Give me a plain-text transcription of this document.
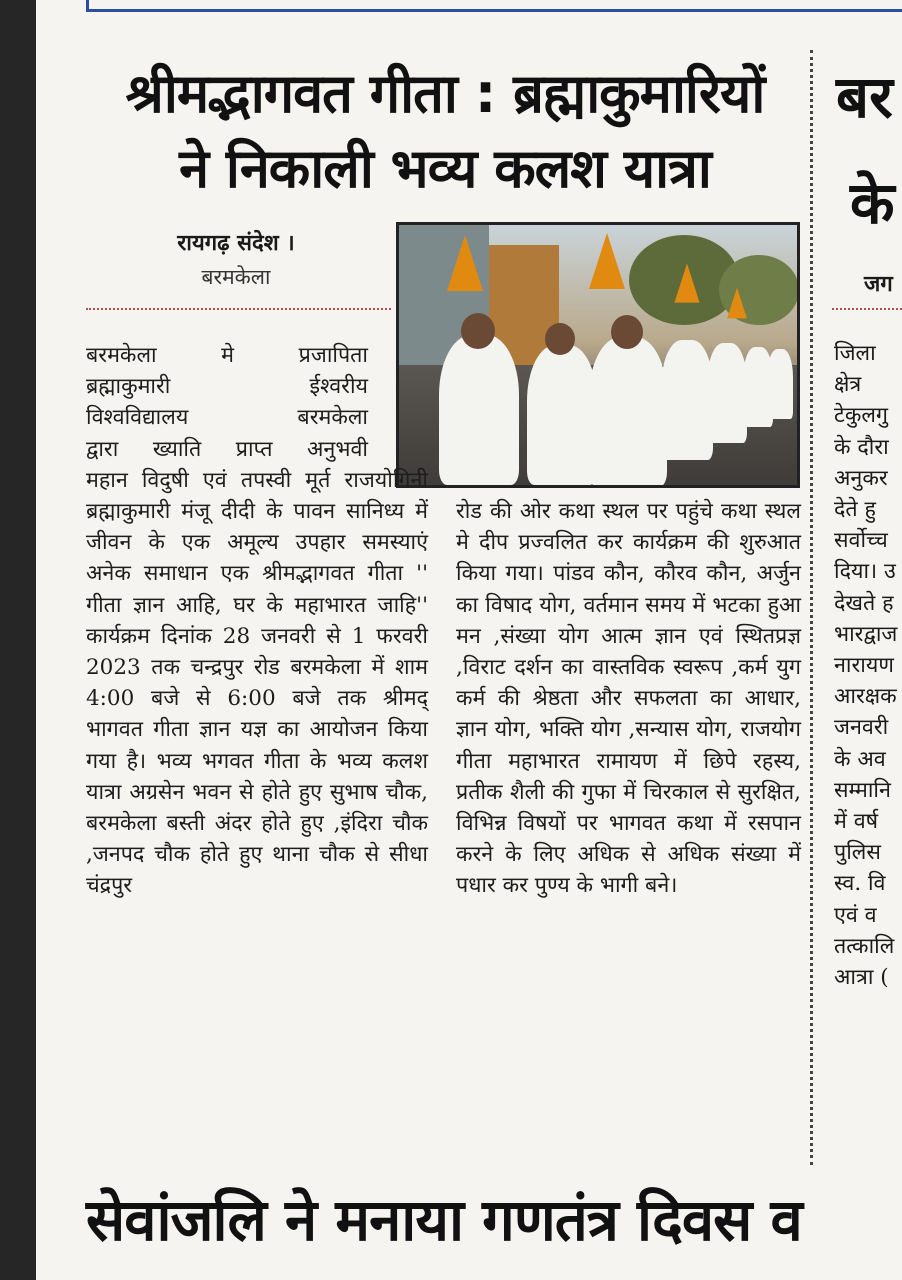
श्रीमद्भागवत गीता : ब्रह्माकुमारियों
ने निकाली भव्य कलश यात्रा
बर
के
जग
रायगढ़ संदेश ।
बरमकेला

बरमकेला मे प्रजापिता

ब्रह्माकुमारी ईश्वरीय

विश्वविद्यालय बरमकेला

द्वारा ख्याति प्राप्त अनुभवी

महान विदुषी एवं तपस्वी मूर्त राजयोगिनी ब्रह्माकुमारी मंजू दीदी के पावन सानिध्य में जीवन के एक अमूल्य उपहार समस्याएं अनेक समाधान एक श्रीमद्भागवत गीता '' गीता ज्ञान आहि, घर के महाभारत जाहि'' कार्यक्रम दिनांक 28 जनवरी से 1 फरवरी 2023 तक चन्द्रपुर रोड बरमकेला में शाम 4:00 बजे से 6:00 बजे तक श्रीमद् भागवत गीता ज्ञान यज्ञ का आयोजन किया गया है। भव्य भगवत गीता के भव्य कलश यात्रा अग्रसेन भवन से होते हुए सुभाष चौक, बरमकेला बस्ती अंदर होते हुए ,इंदिरा चौक ,जनपद चौक होते हुए थाना चौक से सीधा चंद्रपुर

रोड की ओर कथा स्थल पर पहुंचे कथा स्थल मे दीप प्रज्वलित कर कार्यक्रम की शुरुआत किया गया। पांडव कौन, कौरव कौन, अर्जुन का विषाद योग, वर्तमान समय में भटका हुआ मन ,संख्या योग आत्म ज्ञान एवं स्थितप्रज्ञ ,विराट दर्शन का वास्तविक स्वरूप ,कर्म युग कर्म की श्रेष्ठता और सफलता का आधार, ज्ञान योग, भक्ति योग ,सन्यास योग, राजयोग गीता महाभारत रामायण में छिपे रहस्य, प्रतीक शैली की गुफा में चिरकाल से सुरक्षित, विभिन्न विषयों पर भागवत कथा में रसपान करने के लिए अधिक से अधिक संख्या में पधार कर पुण्य के भागी बने।

जिला
क्षेत्र
टेकुलगु
के दौरा
अनुकर
देते हु
सर्वोच्च
दिया। उ
देखते ह
भारद्वाज
नारायण
आरक्षक
जनवरी
के अव
सम्मानि
में वर्ष
पुलिस
स्व. वि
एवं व
तत्कालि
आत्रा (
सेवांजलि ने मनाया गणतंत्र दिवस व
